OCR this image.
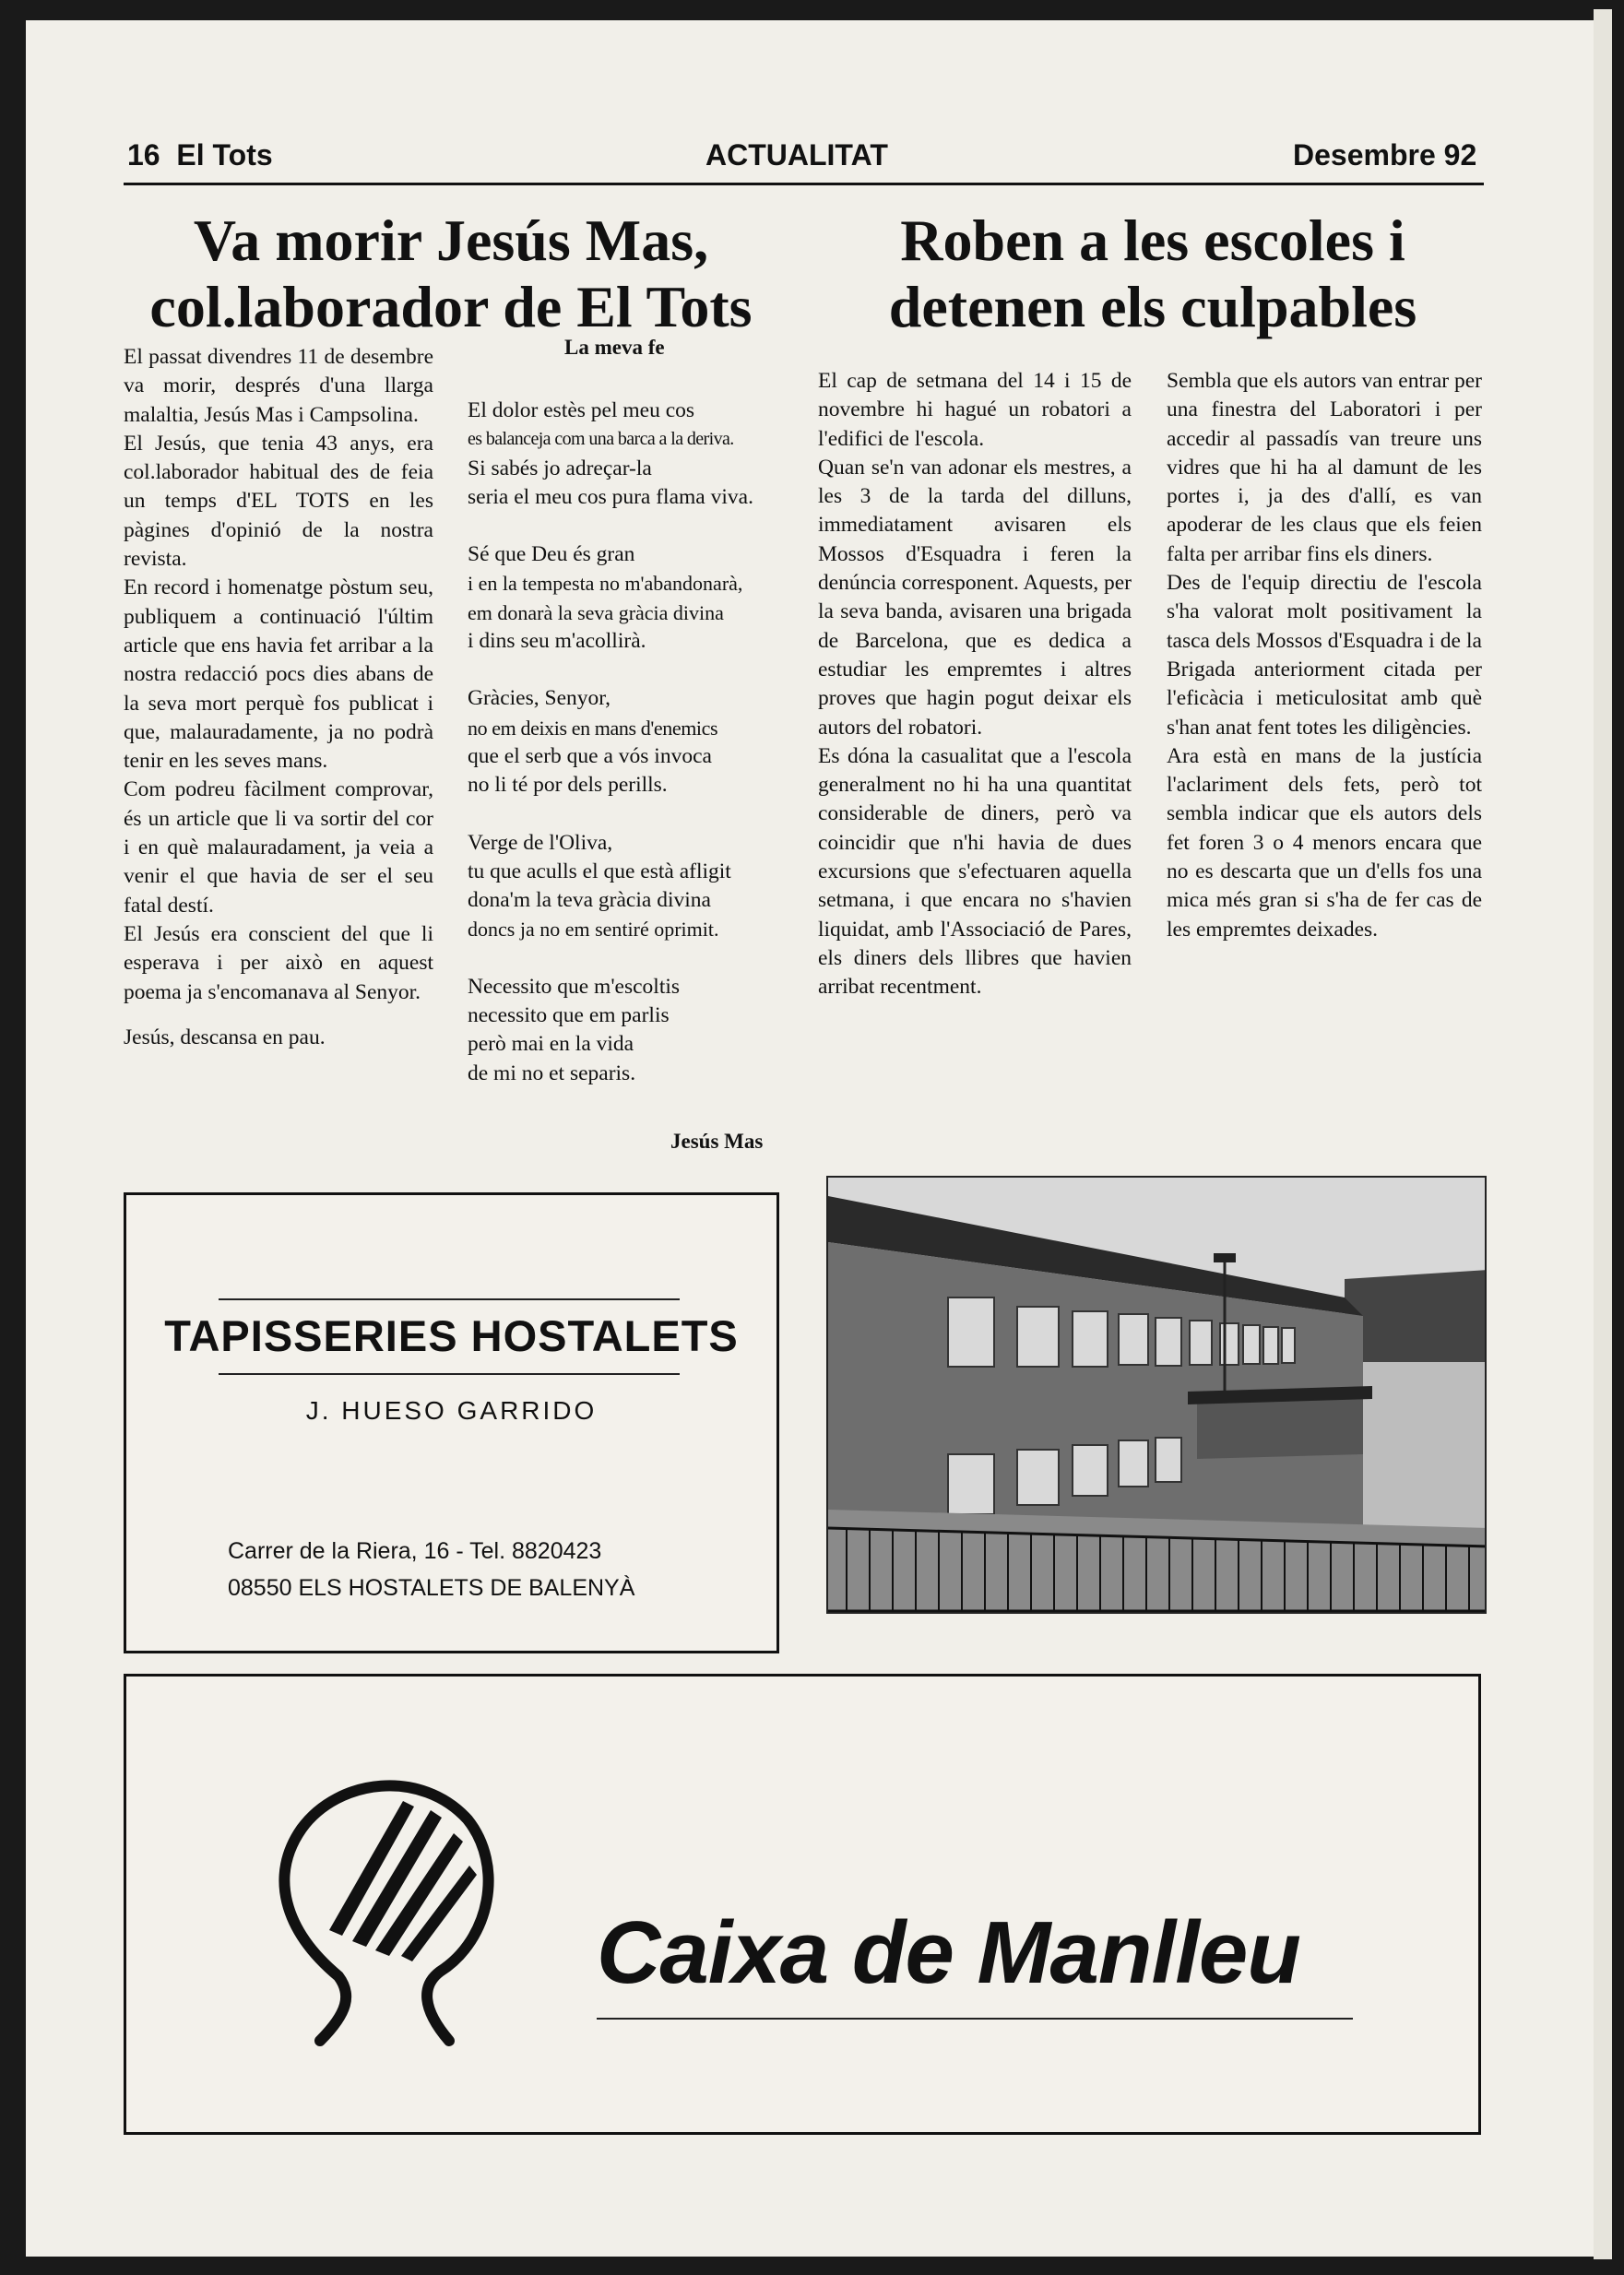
16 El Tots	ACTUALITAT	Desembre 92
Va morir Jesús Mas,
col.laborador de El Tots
Roben a les escoles i
detenen els culpables

El passat divendres 11 de desembre va morir, després d'una llarga malaltia, Jesús Mas i Campsolina.

El Jesús, que tenia 43 anys, era col.laborador habitual des de feia un temps d'EL TOTS en les pàgines d'opinió de la nostra revista.

En record i homenatge pòstum seu, publiquem a continuació l'últim article que ens havia fet arribar a la nostra redacció pocs dies abans de la seva mort perquè fos publicat i que, malauradamente, ja no podrà tenir en les seves mans.

Com podreu fàcilment comprovar, és un article que li va sortir del cor i en què malauradament, ja veia a venir el que havia de ser el seu fatal destí.

El Jesús era conscient del que li esperava i per això en aquest poema ja s'encomanava al Senyor.

Jesús, descansa en pau.

La meva fe
El dolor estès pel meu cos
es balanceja com una barca a la deriva.
Si sabés jo adreçar-la
seria el meu cos pura flama viva.
Sé que Deu és gran
i en la tempesta no m'abandonarà,
em donarà la seva gràcia divina
i dins seu m'acollirà.
Gràcies, Senyor,
no em deixis en mans d'enemics
que el serb que a vós invoca
no li té por dels perills.
Verge de l'Oliva,
tu que aculls el que està afligit
dona'm la teva gràcia divina
doncs ja no em sentiré oprimit.
Necessito que m'escoltis
necessito que em parlis
però mai en la vida
de mi no et separis.
Jesús Mas

El cap de setmana del 14 i 15 de novembre hi hagué un robatori a l'edifici de l'escola.

Quan se'n van adonar els mestres, a les 3 de la tarda del dilluns, immediatament avisaren els Mossos d'Esquadra i feren la denúncia corresponent. Aquests, per la seva banda, avisaren una brigada de Barcelona, que es dedica a estudiar les empremtes i altres proves que hagin pogut deixar els autors del robatori.

Es dóna la casualitat que a l'escola generalment no hi ha una quantitat considerable de diners, però va coincidir que n'hi havia de dues excursions que s'efectuaren aquella setmana, i que encara no s'havien liquidat, amb l'Associació de Pares, els diners dels llibres que havien arribat recentment.

Sembla que els autors van entrar per una finestra del Laboratori i per accedir al passadís van treure uns vidres que hi ha al damunt de les portes i, ja des d'allí, es van apoderar de les claus que els feien falta per arribar fins els diners.

Des de l'equip directiu de l'escola s'ha valorat molt positivament la tasca dels Mossos d'Esquadra i de la Brigada anteriorment citada per l'eficàcia i meticulositat amb què s'han anat fent totes les diligències.

Ara està en mans de la justícia l'aclariment dels fets, però tot sembla indicar que els autors dels fet foren 3 o 4 menors encara que no es descarta que un d'ells fos una mica més gran si s'ha de fer cas de les empremtes deixades.

TAPISSERIES HOSTALETS
J. HUESO GARRIDO
Carrer de la Riera, 16 - Tel. 8820423
08550 ELS HOSTALETS DE BALENYÀ
Caixa de Manlleu
